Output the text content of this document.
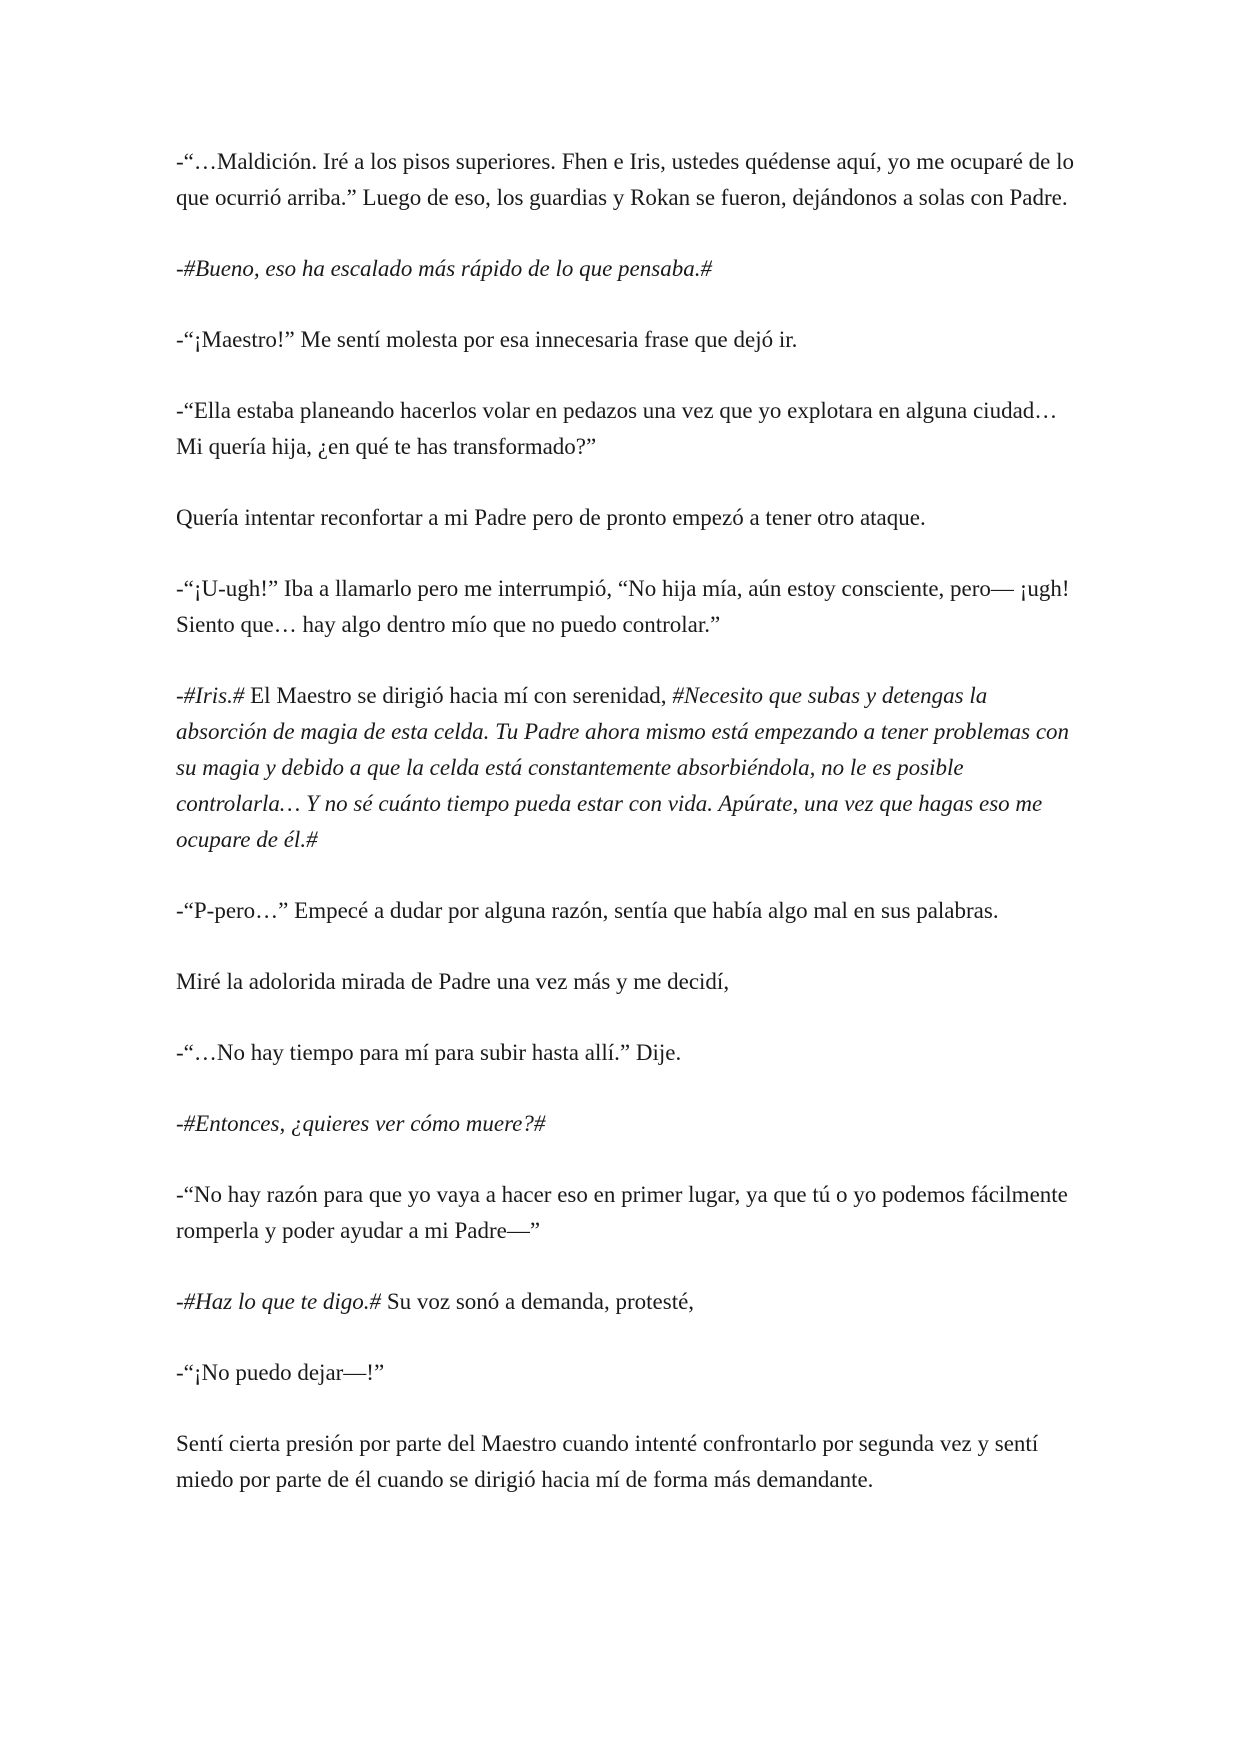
-“…Maldición. Iré a los pisos superiores. Fhen e Iris, ustedes quédense aquí, yo me ocuparé de lo que ocurrió arriba.” Luego de eso, los guardias y Rokan se fueron, dejándonos a solas con Padre.

-#Bueno, eso ha escalado más rápido de lo que pensaba.#

-“¡Maestro!” Me sentí molesta por esa innecesaria frase que dejó ir.

-“Ella estaba planeando hacerlos volar en pedazos una vez que yo explotara en alguna ciudad… Mi quería hija, ¿en qué te has transformado?”

Quería intentar reconfortar a mi Padre pero de pronto empezó a tener otro ataque.

-“¡U-ugh!” Iba a llamarlo pero me interrumpió, “No hija mía, aún estoy consciente, pero— ¡ugh! Siento que… hay algo dentro mío que no puedo controlar.”

-#Iris.# El Maestro se dirigió hacia mí con serenidad, #Necesito que subas y detengas la absorción de magia de esta celda. Tu Padre ahora mismo está empezando a tener problemas con su magia y debido a que la celda está constantemente absorbiéndola, no le es posible controlarla… Y no sé cuánto tiempo pueda estar con vida. Apúrate, una vez que hagas eso me ocupare de él.#

-“P-pero…” Empecé a dudar por alguna razón, sentía que había algo mal en sus palabras.

Miré la adolorida mirada de Padre una vez más y me decidí,

-“…No hay tiempo para mí para subir hasta allí.” Dije.

-#Entonces, ¿quieres ver cómo muere?#

-“No hay razón para que yo vaya a hacer eso en primer lugar, ya que tú o yo podemos fácilmente romperla y poder ayudar a mi Padre—”

-#Haz lo que te digo.# Su voz sonó a demanda, protesté,

-“¡No puedo dejar—!”

Sentí cierta presión por parte del Maestro cuando intenté confrontarlo por segunda vez y sentí miedo por parte de él cuando se dirigió hacia mí de forma más demandante.
